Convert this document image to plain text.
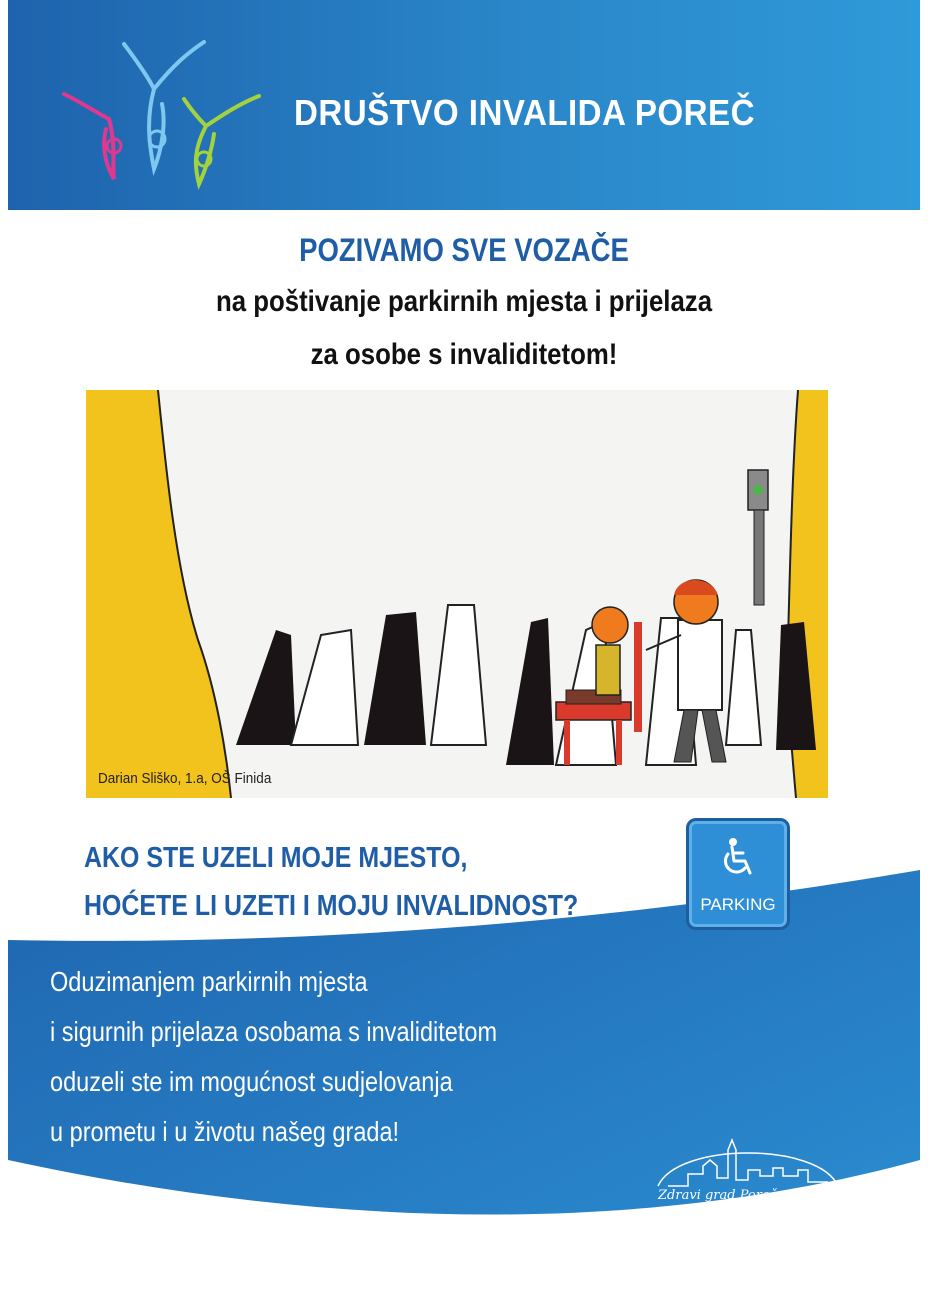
DRUŠTVO INVALIDA POREČ
POZIVAMO SVE VOZAČE
na poštivanje parkirnih mjesta i prijelaza
za osobe s invaliditetom!
Darian Sliško, 1.a, OŠ Finida
AKO STE UZELI MOJE MJESTO,
HOĆETE LI UZETI I MOJU INVALIDNOST?	PARKING
Oduzimanjem parkirnih mjesta
i sigurnih prijelaza osobama s invaliditetom
oduzeli ste im mogućnost sudjelovanja
u prometu i u životu našeg grada!
Zdravi grad Poreč - Parenzo
Città sana Poreč - Parenzo
